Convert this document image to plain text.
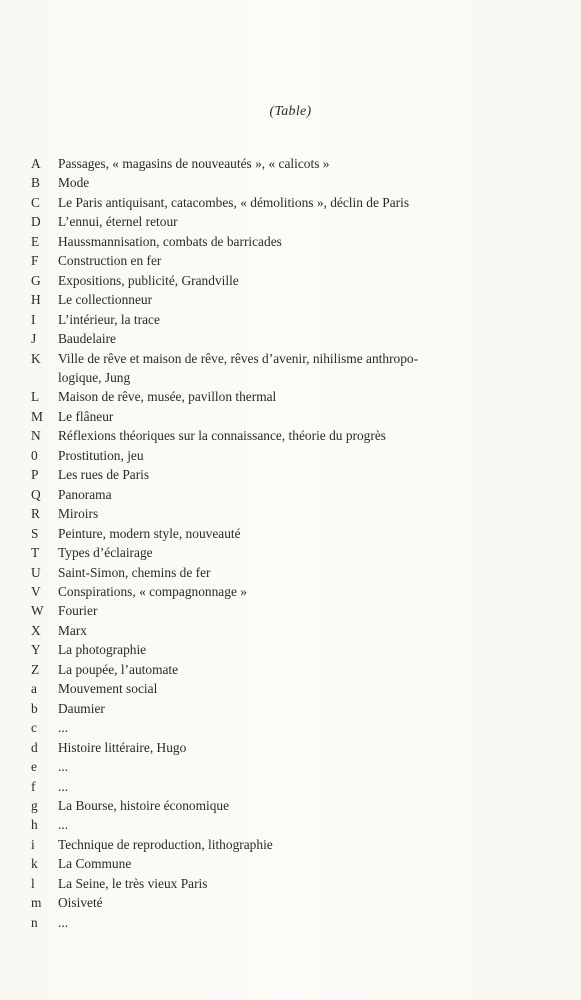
(Table)
A	Passages, « magasins de nouveautés », « calicots »
B	Mode
C	Le Paris antiquisant, catacombes, « démolitions », déclin de Paris
D	L’ennui, éternel retour
E	Haussmannisation, combats de barricades
F	Construction en fer
G	Expositions, publicité, Grandville
H	Le collectionneur
I	L’intérieur, la trace
J	Baudelaire
K	Ville de rêve et maison de rêve, rêves d’avenir, nihilisme anthropo- logique, Jung
L	Maison de rêve, musée, pavillon thermal
M	Le flâneur
N	Réflexions théoriques sur la connaissance, théorie du progrès
0	Prostitution, jeu
P	Les rues de Paris
Q	Panorama
R	Miroirs
S	Peinture, modern style, nouveauté
T	Types d’éclairage
U	Saint-Simon, chemins de fer
V	Conspirations, « compagnonnage »
W	Fourier
X	Marx
Y	La photographie
Z	La poupée, l’automate
a	Mouvement social
b	Daumier
c	...
d	Histoire littéraire, Hugo
e	...
f	...
g	La Bourse, histoire économique
h	...
i	Technique de reproduction, lithographie
k	La Commune
l	La Seine, le très vieux Paris
m	Oisiveté
n	...
